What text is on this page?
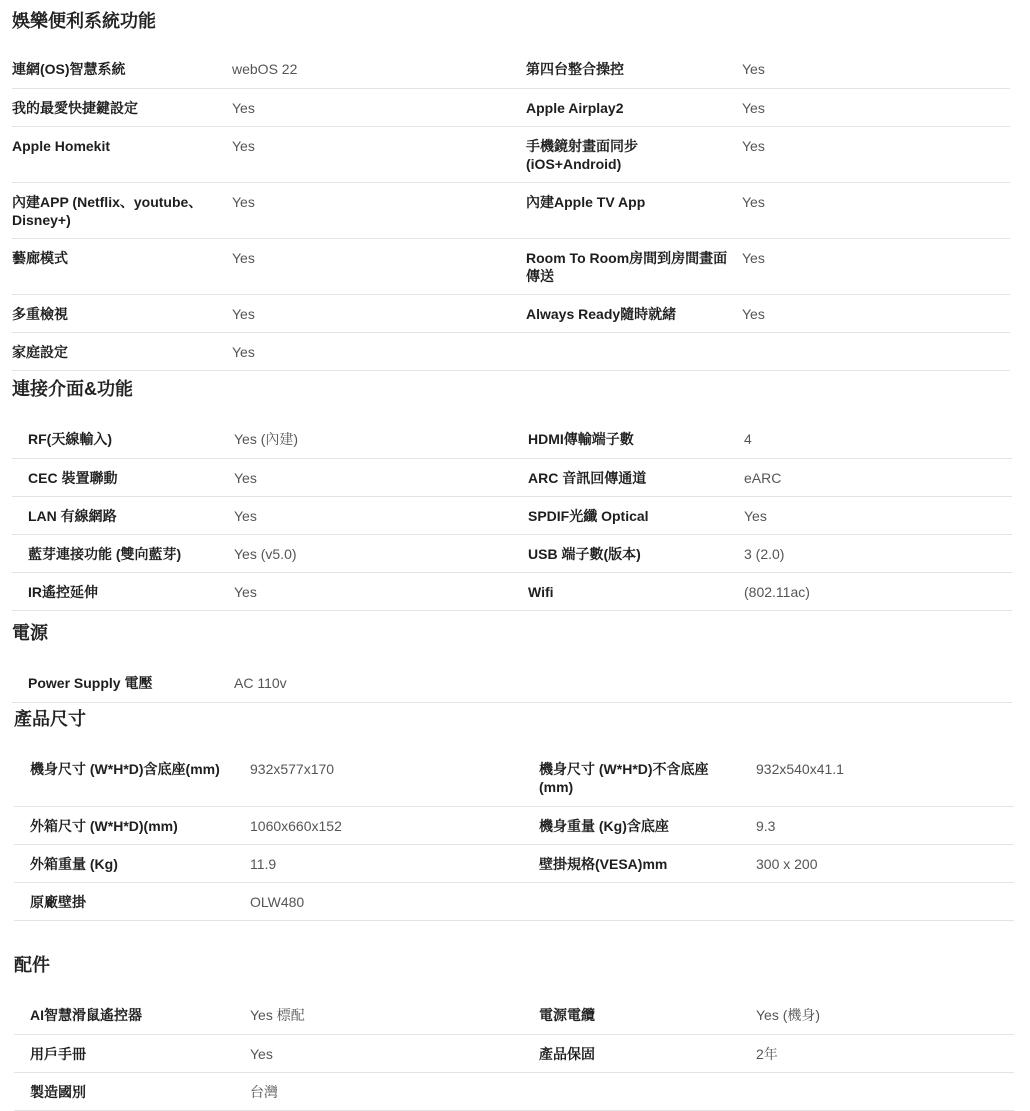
娛樂便利系統功能
連網(OS)智慧系統	webOS 22	第四台整合操控	Yes

我的最愛快捷鍵設定	Yes	Apple Airplay2	Yes

Apple Homekit	Yes	手機鏡射畫面同步(iOS+Android)	Yes

內建APP (Netflix、youtube、Disney+)	Yes	內建Apple TV App	Yes

藝廊模式	Yes	Room To Room房間到房間畫面傳送	Yes

多重檢視	Yes	Always Ready隨時就緒	Yes

家庭設定	Yes		

連接介面&功能
RF(天線輸入)	Yes (內建)	HDMI傳輸端子數	4

CEC 裝置聯動	Yes	ARC 音訊回傳通道	eARC

LAN 有線網路	Yes	SPDIF光纖 Optical	Yes

藍芽連接功能 (雙向藍芽)	Yes (v5.0)	USB 端子數(版本)	3 (2.0)

IR遙控延伸	Yes	Wifi	(802.11ac)
電源
Power Supply 電壓	AC 110v

產品尺寸
機身尺寸 (W*H*D)含底座(mm)	932x577x170	機身尺寸 (W*H*D)不含底座(mm)	932x540x41.1

外箱尺寸 (W*H*D)(mm)	1060x660x152	機身重量 (Kg)含底座	9.3

外箱重量 (Kg)	11.9	壁掛規格(VESA)mm	300 x 200

原廠壁掛	OLW480		

配件
AI智慧滑鼠遙控器	Yes 標配	電源電纜	Yes (機身)

用戶手冊	Yes	產品保固	2年

製造國別	台灣		
